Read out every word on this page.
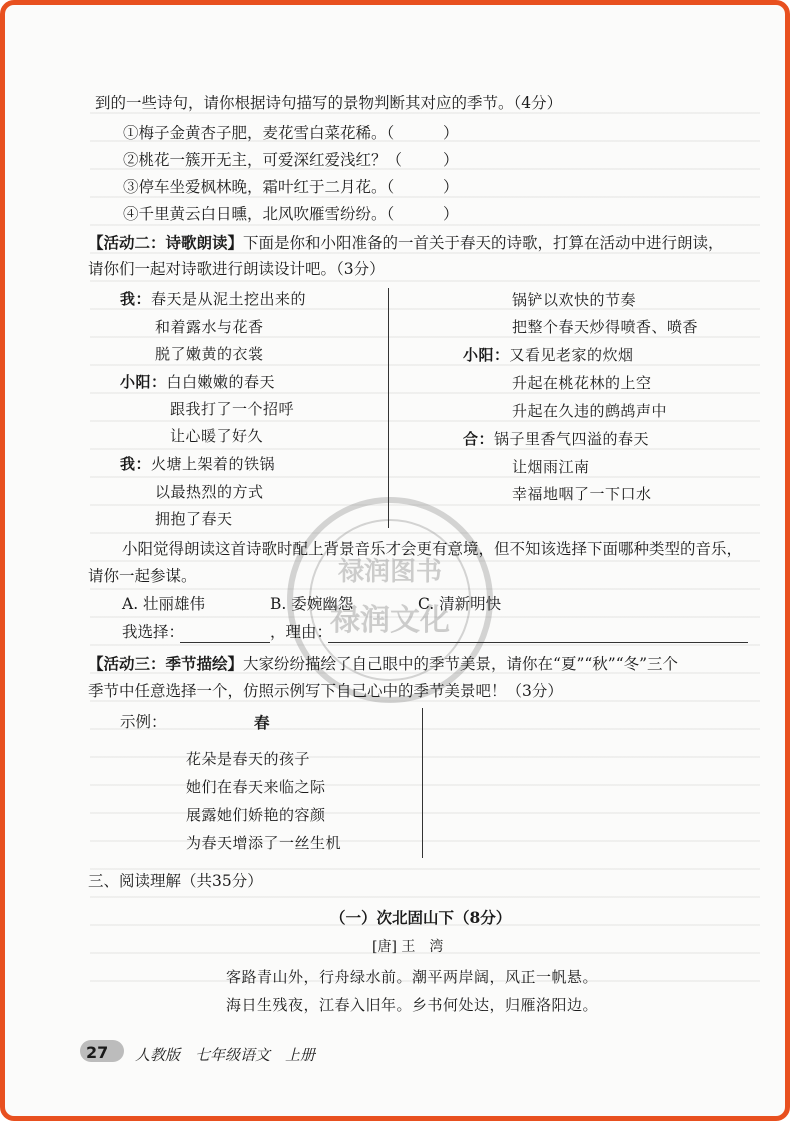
禄润图书
禄润文化
到的一些诗句，请你根据诗句描写的景物判断其对应的季节。（4分）
①梅子金黄杏子肥，麦花雪白菜花稀。（	）
②桃花一簇开无主，可爱深红爱浅红？（	）
③停车坐爱枫林晚，霜叶红于二月花。（	）
④千里黄云白日曛，北风吹雁雪纷纷。（	）
【活动二：诗歌朗读】下面是你和小阳准备的一首关于春天的诗歌，打算在活动中进行朗读，
请你们一起对诗歌进行朗读设计吧。（3分）
我：春天是从泥土挖出来的
和着露水与花香
脱了嫩黄的衣裳
小阳：白白嫩嫩的春天
跟我打了一个招呼
让心暖了好久
我：火塘上架着的铁锅
以最热烈的方式
拥抱了春天
锅铲以欢快的节奏
把整个春天炒得喷香、喷香
小阳：又看见老家的炊烟
升起在桃花林的上空
升起在久违的鹧鸪声中
合：锅子里香气四溢的春天
让烟雨江南
幸福地咽了一下口水
小阳觉得朗读这首诗歌时配上背景音乐才会更有意境，但不知该选择下面哪种类型的音乐，
请你一起参谋。
A. 壮丽雄伟	B. 委婉幽怨	C. 清新明快
我选择：	，理由：
【活动三：季节描绘】大家纷纷描绘了自己眼中的季节美景，请你在“夏”“秋”“冬”三个
季节中任意选择一个，仿照示例写下自己心中的季节美景吧！（3分）
示例：	春
花朵是春天的孩子
她们在春天来临之际
展露她们娇艳的容颜
为春天增添了一丝生机
三、阅读理解（共35分）
（一）次北固山下（8分）
[唐] 王　湾
客路青山外，行舟绿水前。潮平两岸阔，风正一帆悬。
海日生残夜，江春入旧年。乡书何处达，归雁洛阳边。
27 人教版　七年级语文　上册
